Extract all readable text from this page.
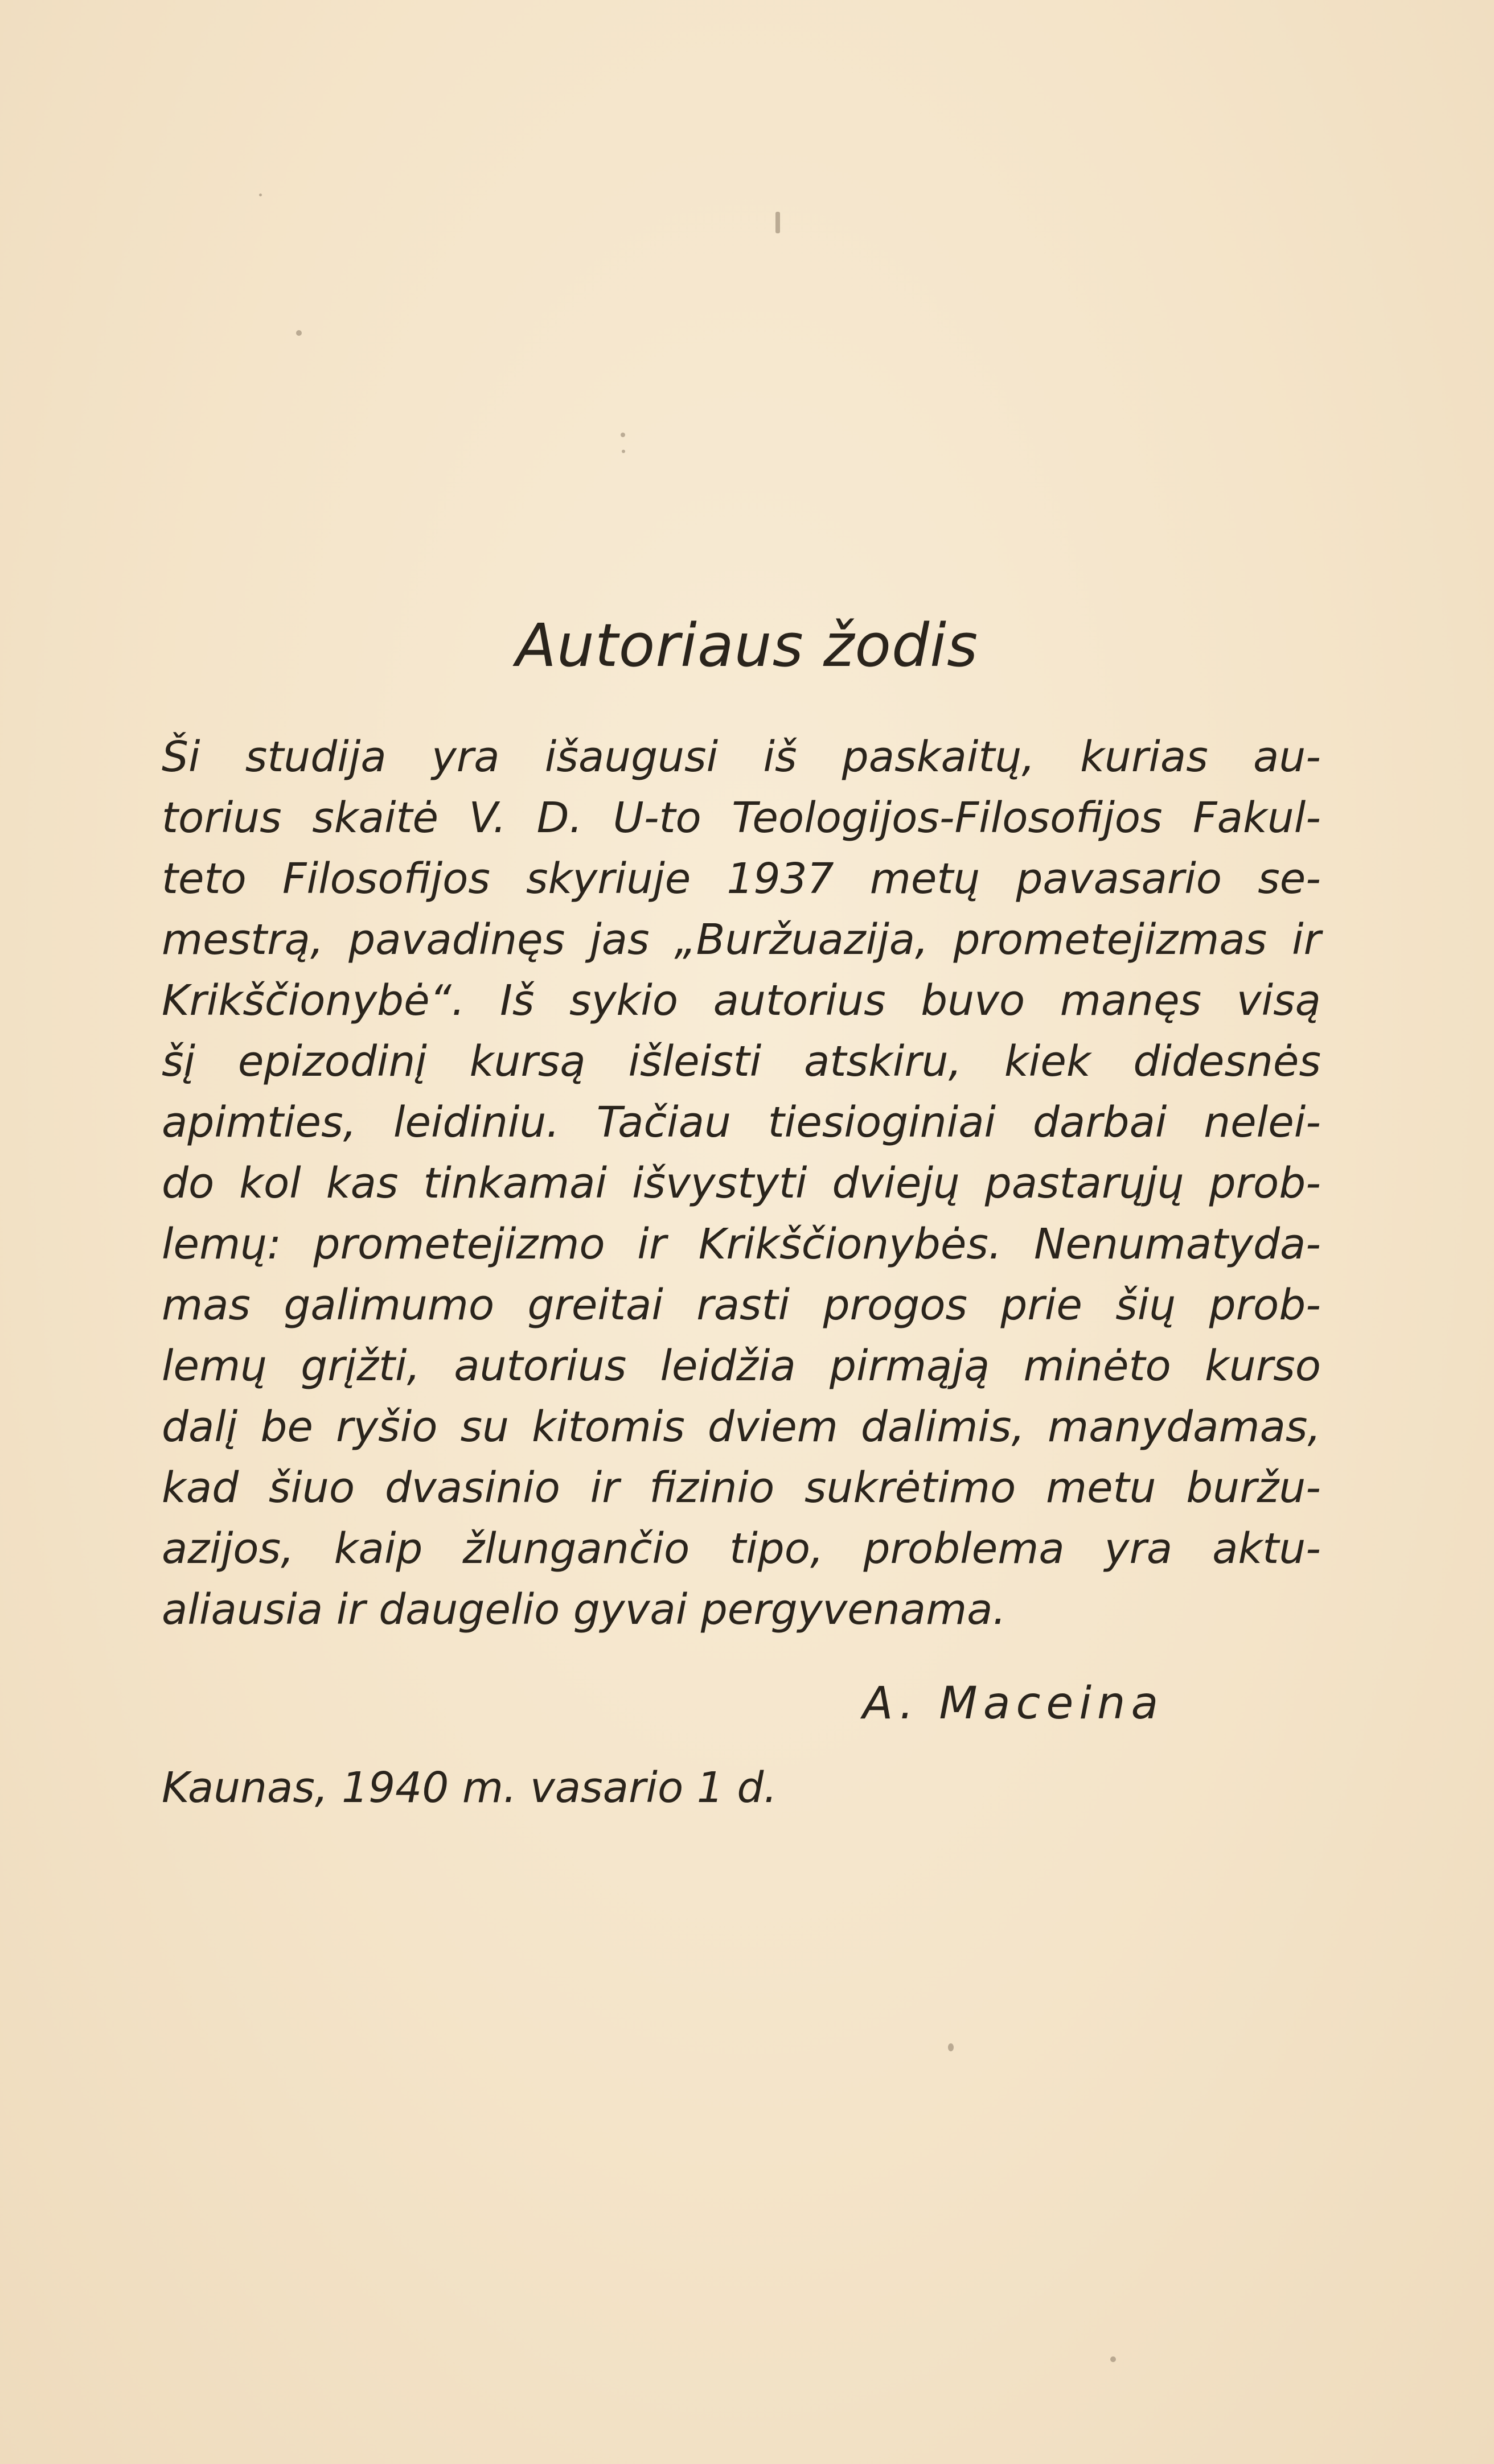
Autoriaus žodis
Ši studija yra išaugusi iš paskaitų, kurias au-
torius skaitė V. D. U-to Teologijos-Filosofijos Fakul-
teto Filosofijos skyriuje 1937 metų pavasario se-
mestrą, pavadinęs jas „Buržuazija, prometejizmas ir
Krikščionybė“. Iš sykio autorius buvo manęs visą
šį epizodinį kursą išleisti atskiru, kiek didesnės
apimties, leidiniu. Tačiau tiesioginiai darbai nelei-
do kol kas tinkamai išvystyti dviejų pastarųjų prob-
lemų: prometejizmo ir Krikščionybės. Nenumatyda-
mas galimumo greitai rasti progos prie šių prob-
lemų grįžti, autorius leidžia pirmąją minėto kurso
dalį be ryšio su kitomis dviem dalimis, manydamas,
kad šiuo dvasinio ir fizinio sukrėtimo metu buržu-
azijos, kaip žlungančio tipo, problema yra aktu-
aliausia ir daugelio gyvai pergyvenama.

A. Maceina

Kaunas, 1940 m. vasario 1 d.
